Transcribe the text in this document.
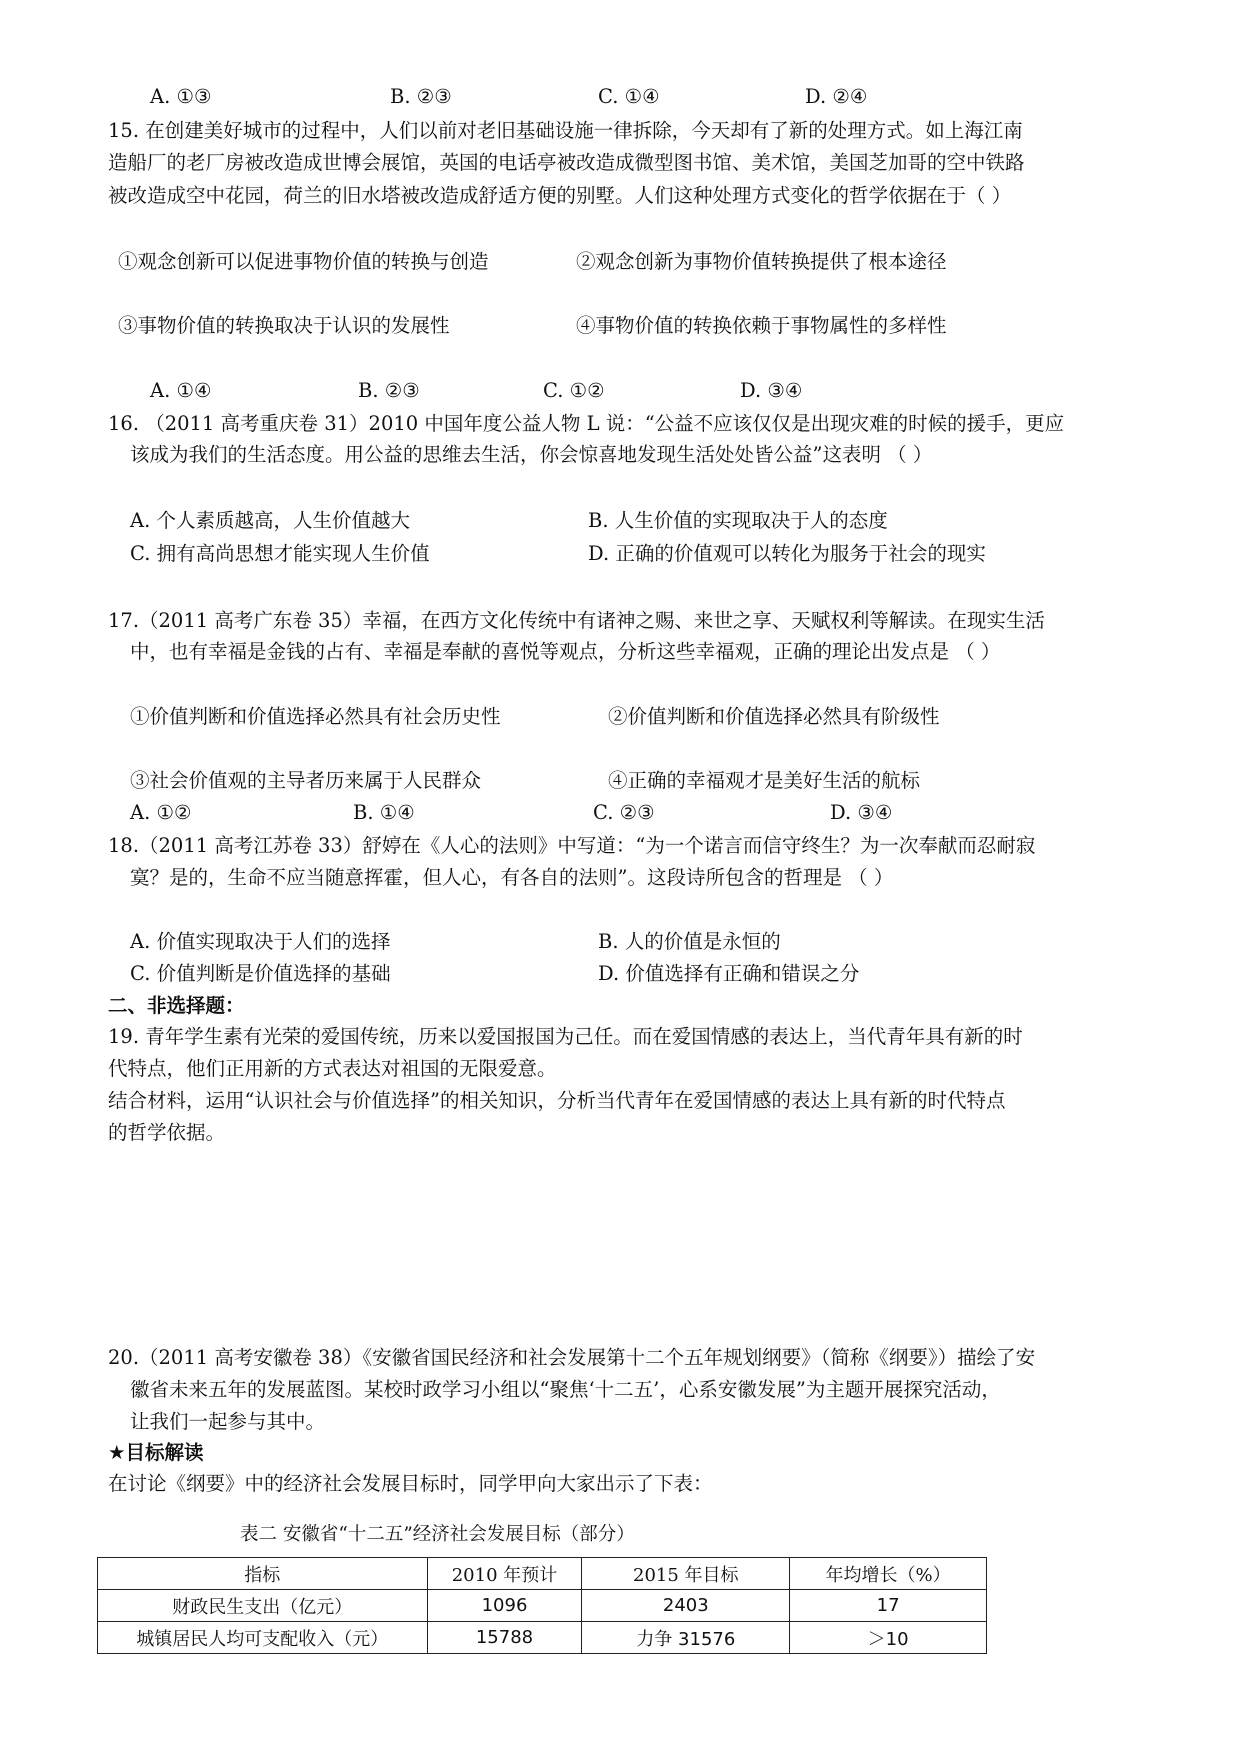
A. ①③	B. ②③	C. ①④	D. ②④
15. 在创建美好城市的过程中，人们以前对老旧基础设施一律拆除，今天却有了新的处理方式。如上海江南
造船厂的老厂房被改造成世博会展馆，英国的电话亭被改造成微型图书馆、美术馆，美国芝加哥的空中铁路
被改造成空中花园，荷兰的旧水塔被改造成舒适方便的别墅。人们这种处理方式变化的哲学依据在于（ ）
①观念创新可以促进事物价值的转换与创造	②观念创新为事物价值转换提供了根本途径
③事物价值的转换取决于认识的发展性	④事物价值的转换依赖于事物属性的多样性
A. ①④	B. ②③	C. ①②	D. ③④
16. （2011 高考重庆卷 31）2010 中国年度公益人物 L 说：“公益不应该仅仅是出现灾难的时候的援手，更应
该成为我们的生活态度。用公益的思维去生活，你会惊喜地发现生活处处皆公益”这表明 （ ）
A. 个人素质越高，人生价值越大	B. 人生价值的实现取决于人的态度
C. 拥有高尚思想才能实现人生价值	D. 正确的价值观可以转化为服务于社会的现实
17.（2011 高考广东卷 35）幸福，在西方文化传统中有诸神之赐、来世之享、天赋权利等解读。在现实生活
中，也有幸福是金钱的占有、幸福是奉献的喜悦等观点，分析这些幸福观，正确的理论出发点是 （ ）
①价值判断和价值选择必然具有社会历史性	②价值判断和价值选择必然具有阶级性
③社会价值观的主导者历来属于人民群众	④正确的幸福观才是美好生活的航标
A. ①②	B. ①④	C. ②③	D. ③④
18.（2011 高考江苏卷 33）舒婷在《人心的法则》中写道：“为一个诺言而信守终生？为一次奉献而忍耐寂
寞？是的，生命不应当随意挥霍，但人心，有各自的法则”。这段诗所包含的哲理是 （ ）
A. 价值实现取决于人们的选择	B. 人的价值是永恒的
C. 价值判断是价值选择的基础	D. 价值选择有正确和错误之分
二、非选择题：
19. 青年学生素有光荣的爱国传统，历来以爱国报国为己任。而在爱国情感的表达上，当代青年具有新的时
代特点，他们正用新的方式表达对祖国的无限爱意。
结合材料，运用“认识社会与价值选择”的相关知识，分析当代青年在爱国情感的表达上具有新的时代特点
的哲学依据。
20.（2011 高考安徽卷 38）《安徽省国民经济和社会发展第十二个五年规划纲要》（简称《纲要》）描绘了安
徽省未来五年的发展蓝图。某校时政学习小组以“聚焦‘十二五’，心系安徽发展”为主题开展探究活动，
让我们一起参与其中。
★目标解读
在讨论《纲要》中的经济社会发展目标时，同学甲向大家出示了下表：
表二 安徽省“十二五”经济社会发展目标（部分）
指标	2010 年预计	2015 年目标	年均增长（%）
财政民生支出（亿元）	1096	2403	17
城镇居民人均可支配收入（元）	15788	力争 31576	＞10
